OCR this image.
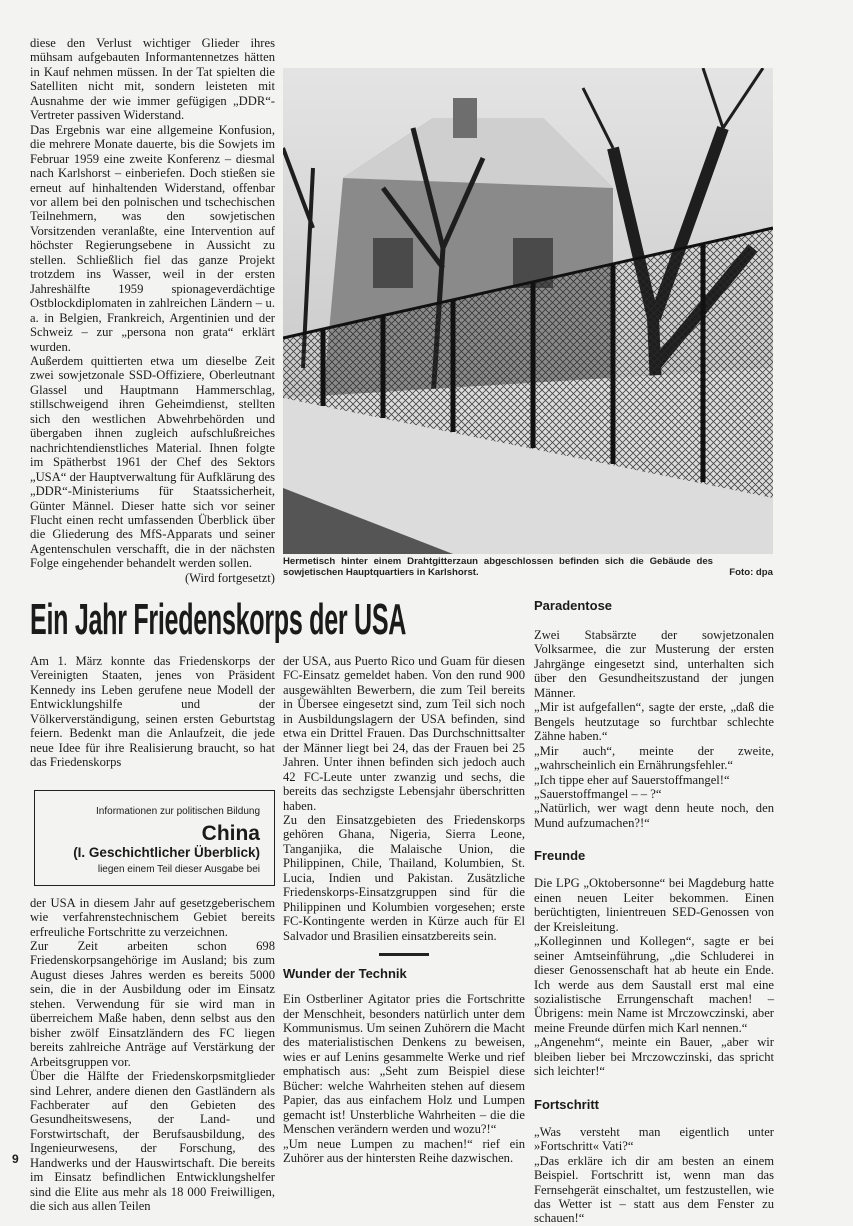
diese den Verlust wichtiger Glieder ihres mühsam aufgebauten Informantennetzes hätten in Kauf nehmen müssen. In der Tat spielten die Satelliten nicht mit, sondern leisteten mit Ausnahme der wie immer gefügigen „DDR“-Vertreter passiven Widerstand.

Das Ergebnis war eine allgemeine Konfusion, die mehrere Monate dauerte, bis die Sowjets im Februar 1959 eine zweite Konferenz – diesmal nach Karlshorst – einberiefen. Doch stießen sie erneut auf hinhaltenden Widerstand, offenbar vor allem bei den polnischen und tschechischen Teilnehmern, was den sowjetischen Vorsitzenden veranlaßte, eine Intervention auf höchster Regierungsebene in Aussicht zu stellen. Schließlich fiel das ganze Projekt trotzdem ins Wasser, weil in der ersten Jahreshälfte 1959 spionageverdächtige Ostblockdiplomaten in zahlreichen Ländern – u. a. in Belgien, Frankreich, Argentinien und der Schweiz – zur „persona non grata“ erklärt wurden.

Außerdem quittierten etwa um dieselbe Zeit zwei sowjetzonale SSD-Offiziere, Oberleutnant Glassel und Hauptmann Hammerschlag, stillschweigend ihren Geheimdienst, stellten sich den westlichen Abwehrbehörden und übergaben ihnen zugleich aufschlußreiches nachrichtendienstliches Material. Ihnen folgte im Spätherbst 1961 der Chef des Sektors „USA“ der Hauptverwaltung für Aufklärung des „DDR“-Ministeriums für Staatssicherheit, Günter Männel. Dieser hatte sich vor seiner Flucht einen recht umfassenden Überblick über die Gliederung des MfS-Apparats und seiner Agentenschulen verschafft, die in der nächsten Folge eingehender behandelt werden sollen.
(Wird fortgesetzt)

Hermetisch hinter einem Drahtgitterzaun abgeschlossen befinden sich die Gebäude des sowjetischen Hauptquartiers in Karlshorst.	Foto: dpa
Ein Jahr Friedenskorps der USA

Am 1. März konnte das Friedenskorps der Vereinigten Staaten, jenes von Präsident Kennedy ins Leben gerufene neue Modell der Entwicklungshilfe und der Völkerverständigung, seinen ersten Geburtstag feiern. Bedenkt man die Anlaufzeit, die jede neue Idee für ihre Realisierung braucht, so hat das Friedenskorps

Informationen zur politischen Bildung
China
(I. Geschichtlicher Überblick)
liegen einem Teil dieser Ausgabe bei

der USA in diesem Jahr auf gesetzgeberischem wie verfahrenstechnischem Gebiet bereits erfreuliche Fortschritte zu verzeichnen.

Zur Zeit arbeiten schon 698 Friedenskorpsangehörige im Ausland; bis zum August dieses Jahres werden es bereits 5000 sein, die in der Ausbildung oder im Einsatz stehen. Verwendung für sie wird man in überreichem Maße haben, denn selbst aus den bisher zwölf Einsatzländern des FC liegen bereits zahlreiche Anträge auf Verstärkung der Arbeitsgruppen vor.

Über die Hälfte der Friedenskorpsmitglieder sind Lehrer, andere dienen den Gastländern als Fachberater auf den Gebieten des Gesundheitswesens, der Land- und Forstwirtschaft, der Berufsausbildung, des Ingenieurwesens, der Forschung, des Handwerks und der Hauswirtschaft. Die bereits im Einsatz befindlichen Entwicklungshelfer sind die Elite aus mehr als 18 000 Freiwilligen, die sich aus allen Teilen

der USA, aus Puerto Rico und Guam für diesen FC-Einsatz gemeldet haben. Von den rund 900 ausgewählten Bewerbern, die zum Teil bereits in Übersee eingesetzt sind, zum Teil sich noch in Ausbildungslagern der USA befinden, sind etwa ein Drittel Frauen. Das Durchschnittsalter der Männer liegt bei 24, das der Frauen bei 25 Jahren. Unter ihnen befinden sich jedoch auch 42 FC-Leute unter zwanzig und sechs, die bereits das sechzigste Lebensjahr überschritten haben.

Zu den Einsatzgebieten des Friedenskorps gehören Ghana, Nigeria, Sierra Leone, Tanganjika, die Malaische Union, die Philippinen, Chile, Thailand, Kolumbien, St. Lucia, Indien und Pakistan. Zusätzliche Friedenskorps-Einsatzgruppen sind für die Philippinen und Kolumbien vorgesehen; erste FC-Kontingente werden in Kürze auch für El Salvador und Brasilien einsatzbereits sein.

Wunder der Technik

Ein Ostberliner Agitator pries die Fortschritte der Menschheit, besonders natürlich unter dem Kommunismus. Um seinen Zuhörern die Macht des materialistischen Denkens zu beweisen, wies er auf Lenins gesammelte Werke und rief emphatisch aus: „Seht zum Beispiel diese Bücher: welche Wahrheiten stehen auf diesem Papier, das aus einfachem Holz und Lumpen gemacht ist! Unsterbliche Wahrheiten – die die Menschen verändern werden und wozu?!“

„Um neue Lumpen zu machen!“ rief ein Zuhörer aus der hintersten Reihe dazwischen.

Paradentose

Zwei Stabsärzte der sowjetzonalen Volksarmee, die zur Musterung der ersten Jahrgänge eingesetzt sind, unterhalten sich über den Gesundheitszustand der jungen Männer.

„Mir ist aufgefallen“, sagte der erste, „daß die Bengels heutzutage so furchtbar schlechte Zähne haben.“

„Mir auch“, meinte der zweite, „wahrscheinlich ein Ernährungsfehler.“

„Ich tippe eher auf Sauerstoffmangel!“

„Sauerstoffmangel – – ?“

„Natürlich, wer wagt denn heute noch, den Mund aufzumachen?!“

Freunde

Die LPG „Oktobersonne“ bei Magdeburg hatte einen neuen Leiter bekommen. Einen berüchtigten, linientreuen SED-Genossen von der Kreisleitung.

„Kolleginnen und Kollegen“, sagte er bei seiner Amtseinführung, „die Schluderei in dieser Genossenschaft hat ab heute ein Ende. Ich werde aus dem Saustall erst mal eine sozialistische Errungenschaft machen! – Übrigens: mein Name ist Mrczowczinski, aber meine Freunde dürfen mich Karl nennen.“

„Angenehm“, meinte ein Bauer, „aber wir bleiben lieber bei Mrczowczinski, das spricht sich leichter!“

Fortschritt

„Was versteht man eigentlich unter »Fortschritt« Vati?“

„Das erkläre ich dir am besten an einem Beispiel. Fortschritt ist, wenn man das Fernsehgerät einschaltet, um festzustellen, wie das Wetter ist – statt aus dem Fenster zu schauen!“

9
